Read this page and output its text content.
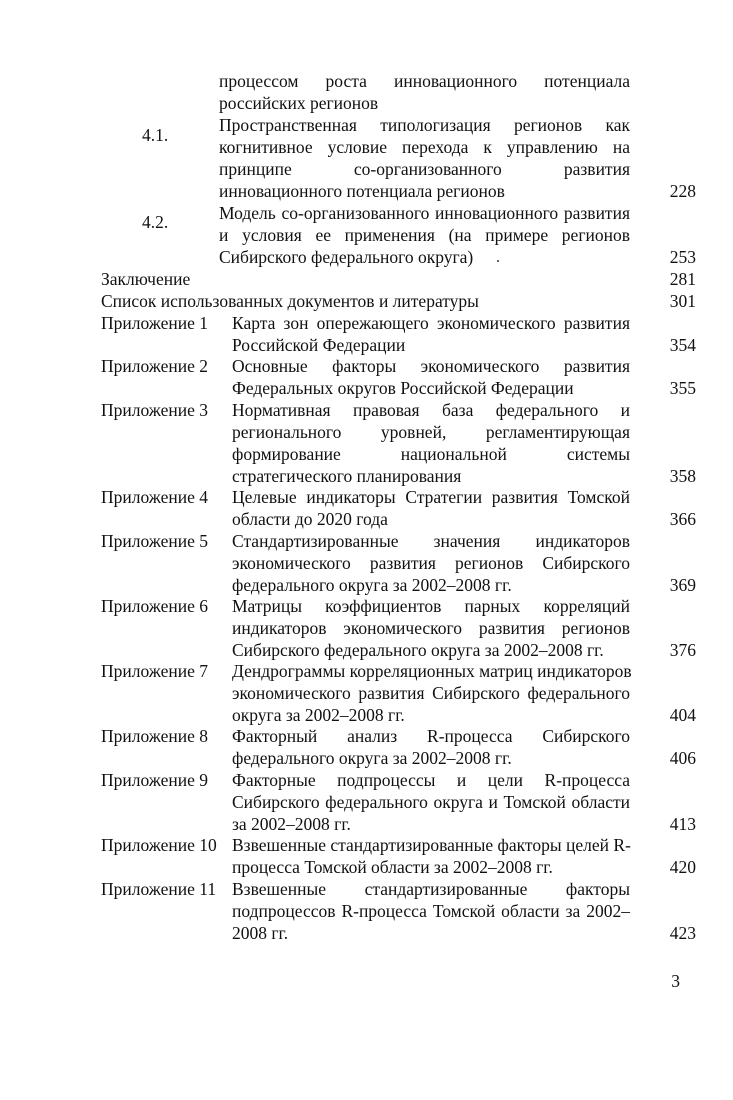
процессом роста инновационного потенциала
российских регионов
4.1.	Пространственная типологизация регионов как
когнитивное условие перехода к управлению на
принципе со-организованного развития
инновационного потенциала регионов	228
4.2.	Модель со-организованного инновационного развития
и условия ее применения (на примере регионов
Сибирского федерального округа)	253
Заключение	281
Список использованных документов и литературы	301
Приложение 1 Карта зон опережающего экономического развития
Российской Федерации	354
Приложение 2 Основные факторы экономического развития
Федеральных округов Российской Федерации	355
Приложение 3 Нормативная правовая база федерального и
регионального уровней, регламентирующая
формирование национальной системы
стратегического планирования	358
Приложение 4 Целевые индикаторы Стратегии развития Томской
области до 2020 года	366
Приложение 5 Стандартизированные значения индикаторов
экономического развития регионов Сибирского
федерального округа за 2002–2008 гг.	369
Приложение 6 Матрицы коэффициентов парных корреляций
индикаторов экономического развития регионов
Сибирского федерального округа за 2002–2008 гг.	376
Приложение 7 Дендрограммы корреляционных матриц индикаторов
экономического развития Сибирского федерального
округа за 2002–2008 гг.	404
Приложение 8 Факторный анализ R-процесса Сибирского
федерального округа за 2002–2008 гг.	406
Приложение 9 Факторные подпроцессы и цели R-процесса
Сибирского федерального округа и Томской области
за 2002–2008 гг.	413
Приложение 10 Взвешенные стандартизированные факторы целей R-
процесса Томской области за 2002–2008 гг.	420
Приложение 11 Взвешенные стандартизированные факторы
подпроцессов R-процесса Томской области за 2002–
2008 гг.	423
3
